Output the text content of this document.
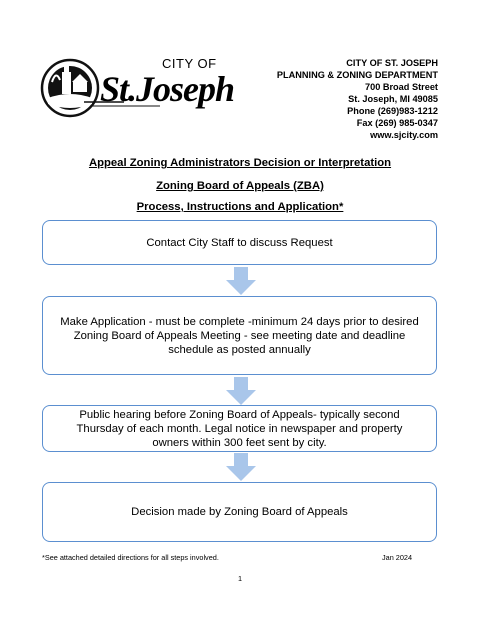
CITY OF
St.Joseph
CITY OF ST. JOSEPH
PLANNING & ZONING DEPARTMENT
700 Broad Street
St. Joseph, MI 49085
Phone (269)983-1212
Fax (269) 985-0347
www.sjcity.com
Appeal Zoning Administrators Decision or Interpretation
Zoning Board of Appeals (ZBA)
Process, Instructions and Application*
Contact City Staff to discuss Request
Make Application - must be complete -minimum 24 days prior to desired Zoning Board of Appeals Meeting - see meeting date and deadline schedule as posted annually
Public hearing before Zoning Board of Appeals- typically second Thursday of each month. Legal notice in newspaper and property owners within 300 feet sent by city.
Decision made by Zoning Board of Appeals
*See attached detailed directions for all steps involved.	Jan 2024
1
